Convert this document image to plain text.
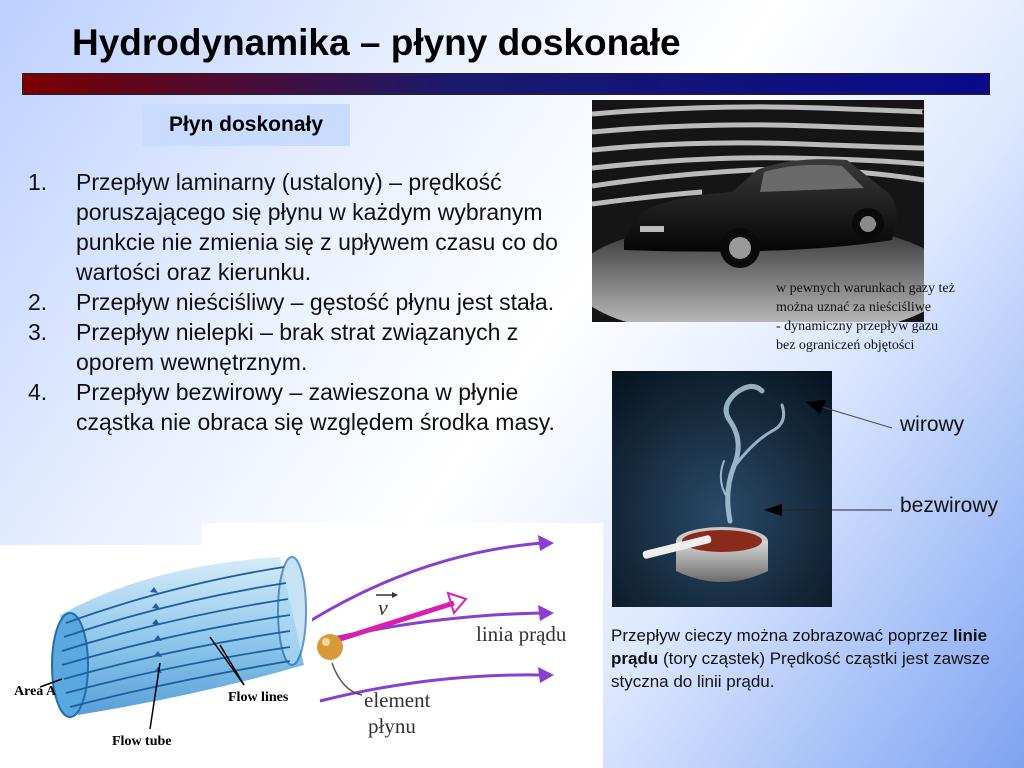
Hydrodynamika – płyny doskonałe
Płyn doskonały
1. Przepływ laminarny (ustalony) – prędkość poruszającego się płynu w każdym wybranym punkcie nie zmienia się z upływem czasu co do wartości oraz kierunku.
2. Przepływ nieściśliwy – gęstość płynu jest stała.
3. Przepływ nielepki – brak strat związanych z oporem wewnętrznym.
4. Przepływ bezwirowy – zawieszona w płynie cząstka nie obraca się względem środka masy.
w pewnych warunkach gazy też
można uznać za nieściśliwe
- dynamiczny przepływ gazu
bez ograniczeń objętości
wirowy
bezwirowy
Przepływ cieczy można zobrazować poprzez linie prądu (tory cząstek) Prędkość cząstki jest zawsze styczna do linii prądu.
v
linia prądu
element
płynu
Area A	Flow lines
Flow tube
